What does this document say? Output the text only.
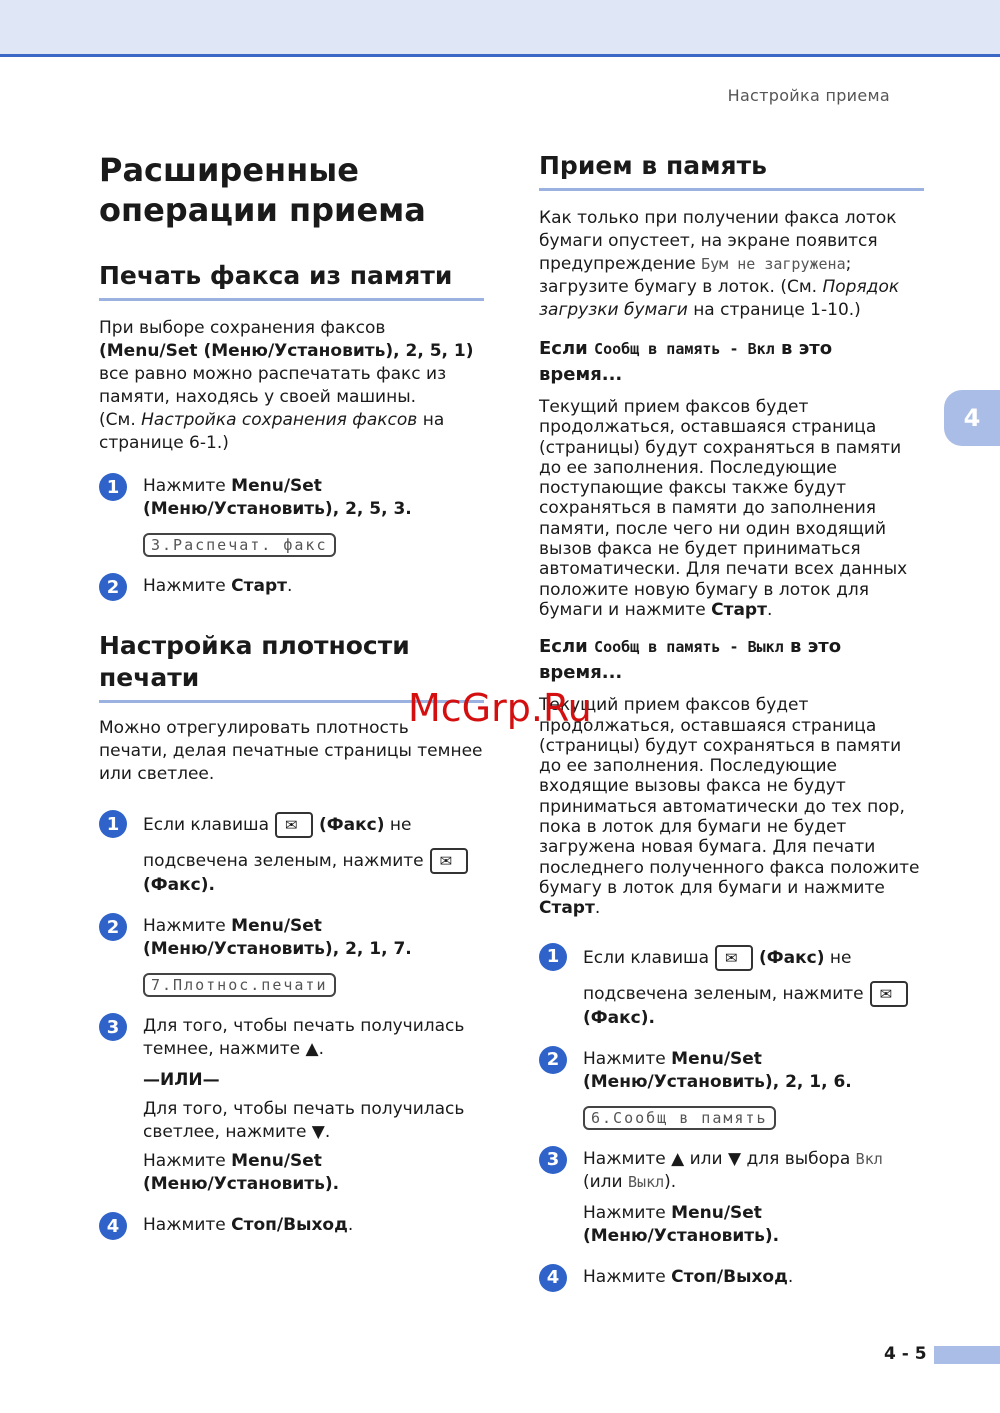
Настройка приема
4
Расширенные
операции приема
Печать факса из памяти

При выборе сохранения факсов

(Menu/Set (Меню/Установить), 2, 5, 1)

все равно можно распечатать факс из

памяти, находясь у своей машины.

(См. Настройка сохранения факсов на

странице 6-1.)

1	Нажмите Menu/Set

(Меню/Установить), 2, 5, 3.

3.Распечат. факс
2	Нажмите Старт.

Настройка плотности
печати

Можно отрегулировать плотность

печати, делая печатные страницы темнее

или светлее.

1	Если клавиша ✉	(Факс) не

подсвечена зеленым, нажмите✉

(Факс).

2	Нажмите Menu/Set

(Меню/Установить), 2, 1, 7.

7.Плотнос.печати
3	Для того, чтобы печать получилась

темнее, нажмите ▲.

—ИЛИ—

Для того, чтобы печать получилась

светлее, нажмите ▼.

Нажмите Menu/Set

(Меню/Установить).

4	Нажмите Стоп/Выход.

Прием в память

Как только при получении факса лоток

бумаги опустеет, на экране появится

предупреждение Бум не загружена;

загрузите бумагу в лоток. (См. Порядок

загрузки бумаги на странице 1-10.)

Если Сообщ в память - Вкл в это
время...

Текущий прием факсов будет

продолжаться, оставшаяся страница

(страницы) будут сохраняться в памяти

до ее заполнения. Последующие

поступающие факсы также будут

сохраняться в памяти до заполнения

памяти, после чего ни один входящий

вызов факса не будет приниматься

автоматически. Для печати всех данных

положите новую бумагу в лоток для

бумаги и нажмите Старт.

Если Сообщ в память - Выкл в это
время...

Текущий прием факсов будет

продолжаться, оставшаяся страница

(страницы) будут сохраняться в памяти

до ее заполнения. Последующие

входящие вызовы факса не будут

приниматься автоматически до тех пор,

пока в лоток для бумаги не будет

загружена новая бумага. Для печати

последнего полученного факса положите

бумагу в лоток для бумаги и нажмите

Старт.

1	Если клавиша ✉	(Факс) не

подсвечена зеленым, нажмите✉

(Факс).

2	Нажмите Menu/Set

(Меню/Установить), 2, 1, 6.

6.Сообщ в память
3	Нажмите ▲ или ▼ для выбора Вкл

(или Выкл).

Нажмите Menu/Set

(Меню/Установить).

4	Нажмите Стоп/Выход.

McGrp.Ru
4 - 5
